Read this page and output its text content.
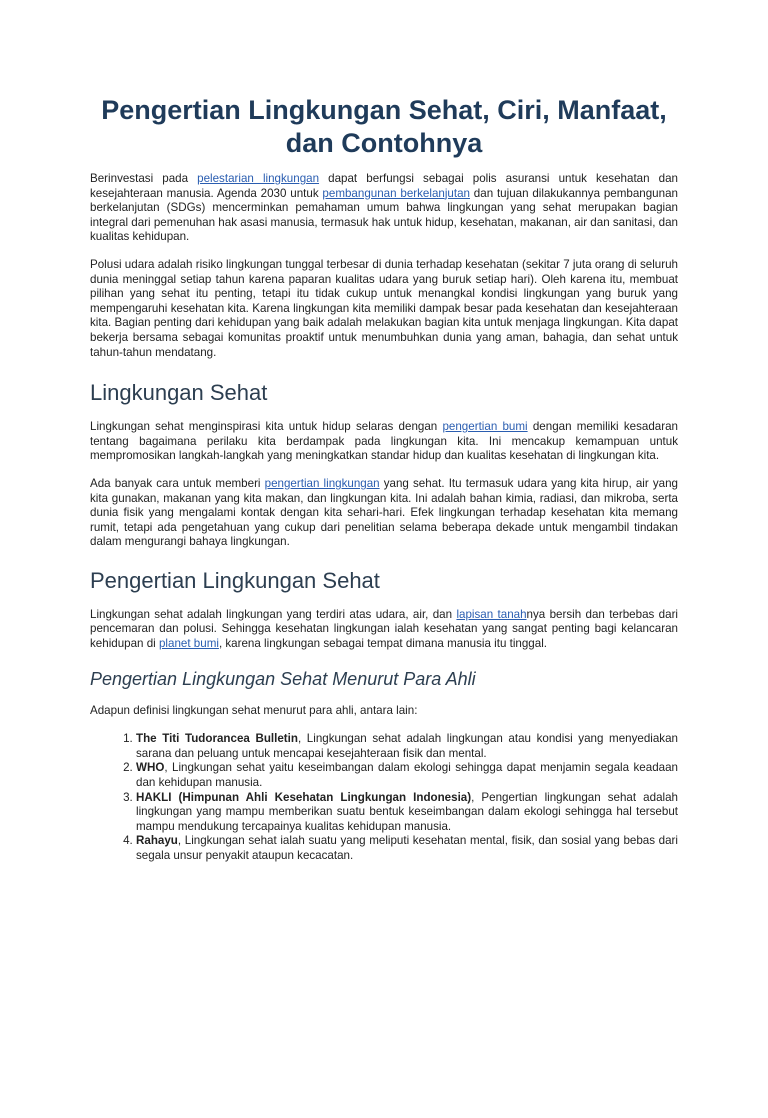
Pengertian Lingkungan Sehat, Ciri, Manfaat, dan Contohnya

Berinvestasi pada pelestarian lingkungan dapat berfungsi sebagai polis asuransi untuk kesehatan dan kesejahteraan manusia. Agenda 2030 untuk pembangunan berkelanjutan dan tujuan dilakukannya pembangunan berkelanjutan (SDGs) mencerminkan pemahaman umum bahwa lingkungan yang sehat merupakan bagian integral dari pemenuhan hak asasi manusia, termasuk hak untuk hidup, kesehatan, makanan, air dan sanitasi, dan kualitas kehidupan.

Polusi udara adalah risiko lingkungan tunggal terbesar di dunia terhadap kesehatan (sekitar 7 juta orang di seluruh dunia meninggal setiap tahun karena paparan kualitas udara yang buruk setiap hari). Oleh karena itu, membuat pilihan yang sehat itu penting, tetapi itu tidak cukup untuk menangkal kondisi lingkungan yang buruk yang mempengaruhi kesehatan kita. Karena lingkungan kita memiliki dampak besar pada kesehatan dan kesejahteraan kita. Bagian penting dari kehidupan yang baik adalah melakukan bagian kita untuk menjaga lingkungan. Kita dapat bekerja bersama sebagai komunitas proaktif untuk menumbuhkan dunia yang aman, bahagia, dan sehat untuk tahun-tahun mendatang.

Lingkungan Sehat

Lingkungan sehat menginspirasi kita untuk hidup selaras dengan pengertian bumi dengan memiliki kesadaran tentang bagaimana perilaku kita berdampak pada lingkungan kita. Ini mencakup kemampuan untuk mempromosikan langkah-langkah yang meningkatkan standar hidup dan kualitas kesehatan di lingkungan kita.

Ada banyak cara untuk memberi pengertian lingkungan yang sehat. Itu termasuk udara yang kita hirup, air yang kita gunakan, makanan yang kita makan, dan lingkungan kita. Ini adalah bahan kimia, radiasi, dan mikroba, serta dunia fisik yang mengalami kontak dengan kita sehari-hari. Efek lingkungan terhadap kesehatan kita memang rumit, tetapi ada pengetahuan yang cukup dari penelitian selama beberapa dekade untuk mengambil tindakan dalam mengurangi bahaya lingkungan.

Pengertian Lingkungan Sehat

Lingkungan sehat adalah lingkungan yang terdiri atas udara, air, dan lapisan tanahnya bersih dan terbebas dari pencemaran dan polusi. Sehingga kesehatan lingkungan ialah kesehatan yang sangat penting bagi kelancaran kehidupan di planet bumi, karena lingkungan sebagai tempat dimana manusia itu tinggal.

Pengertian Lingkungan Sehat Menurut Para Ahli

Adapun definisi lingkungan sehat menurut para ahli, antara lain:

1. The Titi Tudorancea Bulletin, Lingkungan sehat adalah lingkungan atau kondisi yang menyediakan sarana dan peluang untuk mencapai kesejahteraan fisik dan mental.
2. WHO, Lingkungan sehat yaitu keseimbangan dalam ekologi sehingga dapat menjamin segala keadaan dan kehidupan manusia.
3. HAKLI (Himpunan Ahli Kesehatan Lingkungan Indonesia), Pengertian lingkungan sehat adalah lingkungan yang mampu memberikan suatu bentuk keseimbangan dalam ekologi sehingga hal tersebut mampu mendukung tercapainya kualitas kehidupan manusia.
4. Rahayu, Lingkungan sehat ialah suatu yang meliputi kesehatan mental, fisik, dan sosial yang bebas dari segala unsur penyakit ataupun kecacatan.
